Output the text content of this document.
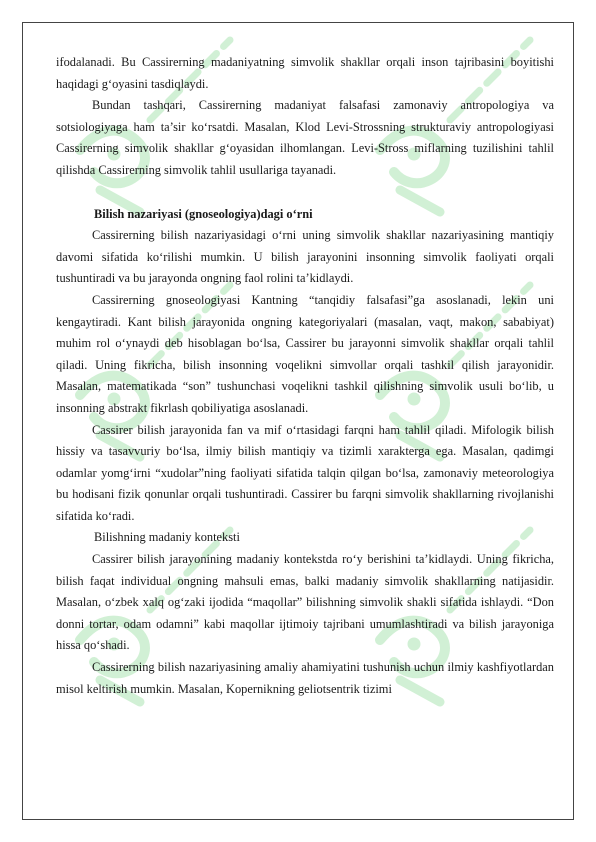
ifodalanadi. Bu Cassirerning madaniyatning simvolik shakllar orqali inson tajribasini boyitishi haqidagi g‘oyasini tasdiqlaydi.

Bundan tashqari, Cassirerning madaniyat falsafasi zamonaviy antropologiya va sotsiologiyaga ham ta’sir ko‘rsatdi. Masalan, Klod Levi-Strossning strukturaviy antropologiyasi Cassirerning simvolik shakllar g‘oyasidan ilhomlangan. Levi-Stross miflarning tuzilishini tahlil qilishda Cassirerning simvolik tahlil usullariga tayanadi.

Bilish nazariyasi (gnoseologiya)dagi o‘rni

Cassirerning bilish nazariyasidagi o‘rni uning simvolik shakllar nazariyasining mantiqiy davomi sifatida ko‘rilishi mumkin. U bilish jarayonini insonning simvolik faoliyati orqali tushuntiradi va bu jarayonda ongning faol rolini ta’kidlaydi.

Cassirerning gnoseologiyasi Kantning “tanqidiy falsafasi”ga asoslanadi, lekin uni kengaytiradi. Kant bilish jarayonida ongning kategoriyalari (masalan, vaqt, makon, sababiyat) muhim rol o‘ynaydi deb hisoblagan bo‘lsa, Cassirer bu jarayonni simvolik shakllar orqali tahlil qiladi. Uning fikricha, bilish insonning voqelikni simvollar orqali tashkil qilish jarayonidir. Masalan, matematikada “son” tushunchasi voqelikni tashkil qilishning simvolik usuli bo‘lib, u insonning abstrakt fikrlash qobiliyatiga asoslanadi.

Cassirer bilish jarayonida fan va mif o‘rtasidagi farqni ham tahlil qiladi. Mifologik bilish hissiy va tasavvuriy bo‘lsa, ilmiy bilish mantiqiy va tizimli xarakterga ega. Masalan, qadimgi odamlar yomg‘irni “xudolar”ning faoliyati sifatida talqin qilgan bo‘lsa, zamonaviy meteorologiya bu hodisani fizik qonunlar orqali tushuntiradi. Cassirer bu farqni simvolik shakllarning rivojlanishi sifatida ko‘radi.

Bilishning madaniy konteksti

Cassirer bilish jarayonining madaniy kontekstda ro‘y berishini ta’kidlaydi. Uning fikricha, bilish faqat individual ongning mahsuli emas, balki madaniy simvolik shakllarning natijasidir. Masalan, o‘zbek xalq og‘zaki ijodida “maqollar” bilishning simvolik shakli sifatida ishlaydi. “Don donni tortar, odam odamni” kabi maqollar ijtimoiy tajribani umumlashtiradi va bilish jarayoniga hissa qo‘shadi.

Cassirerning bilish nazariyasining amaliy ahamiyatini tushunish uchun ilmiy kashfiyotlardan misol keltirish mumkin. Masalan, Kopernikning geliotsentrik tizimi
